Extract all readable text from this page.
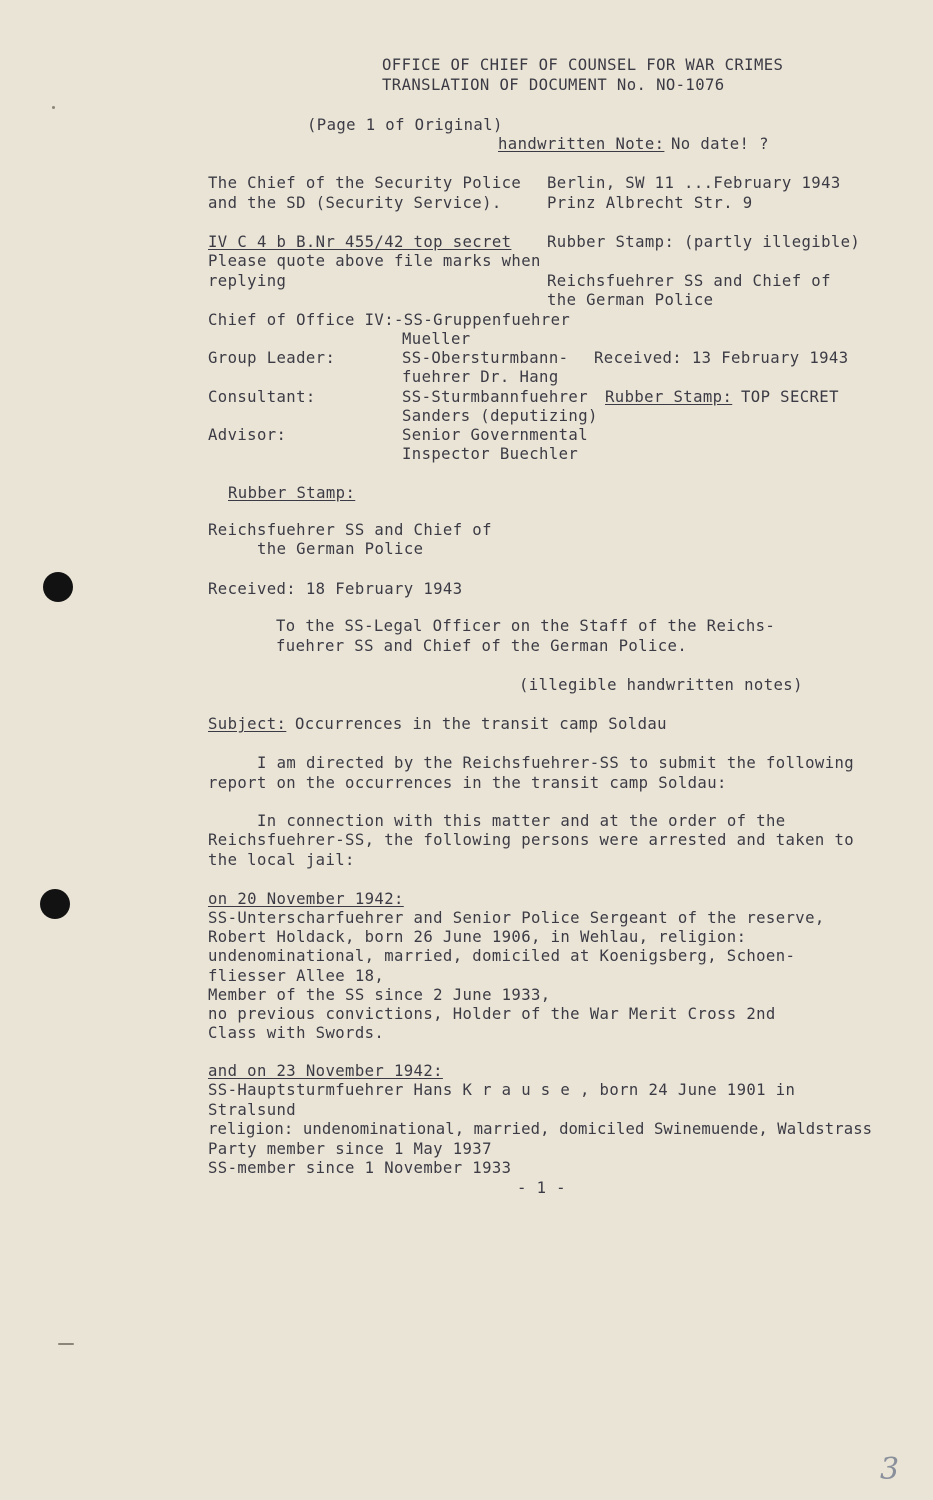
OFFICE OF CHIEF OF COUNSEL FOR WAR CRIMES
TRANSLATION OF DOCUMENT No. NO-1076
(Page 1 of Original)
handwritten Note: No date! ?
The Chief of the Security Police
and the SD (Security Service).
Berlin, SW 11 ...February 1943
Prinz Albrecht Str. 9
IV C 4 b B.Nr 455/42 top secret
Please quote above file marks when
replying
Rubber Stamp: (partly illegible)
Reichsfuehrer SS and Chief of
the German Police
Chief of Office IV:-SS-Gruppenfuehrer
Mueller
Group Leader:	SS-Obersturmbann-
fuehrer Dr. Hang
Received: 13 February 1943
Consultant:	SS-Sturmbannfuehrer
Sanders (deputizing)
Rubber Stamp: TOP SECRET
Advisor:	Senior Governmental
Inspector Buechler
Rubber Stamp:
Reichsfuehrer SS and Chief of
the German Police
Received: 18 February 1943
To the SS-Legal Officer on the Staff of the Reichs-
fuehrer SS and Chief of the German Police.
(illegible handwritten notes)
Subject: Occurrences in the transit camp Soldau
I am directed by the Reichsfuehrer-SS to submit the following
report on the occurrences in the transit camp Soldau:
In connection with this matter and at the order of the
Reichsfuehrer-SS, the following persons were arrested and taken to
the local jail:
on 20 November 1942:
SS-Unterscharfuehrer and Senior Police Sergeant of the reserve,
Robert Holdack, born 26 June 1906, in Wehlau, religion:
undenominational, married, domiciled at Koenigsberg, Schoen-
fliesser Allee 18,
Member of the SS since 2 June 1933,
no previous convictions, Holder of the War Merit Cross 2nd
Class with Swords.
and on 23 November 1942:
SS-Hauptsturmfuehrer Hans K r a u s e , born 24 June 1901 in
Stralsund
religion: undenominational, married, domiciled Swinemuende, Waldstrass
Party member since 1 May 1937
SS-member since 1 November 1933
- 1 -
3
